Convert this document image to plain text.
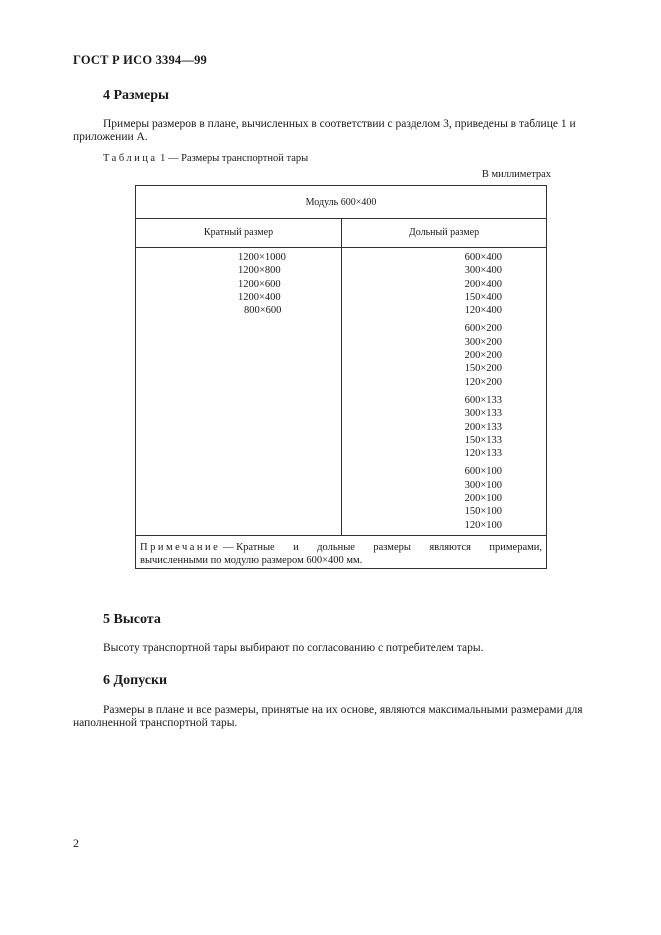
ГОСТ Р ИСО 3394—99
4 Размеры
Примеры размеров в плане, вычисленных в соответствии с разделом 3, приведены в таблице 1 и приложении А.
Таблица 1 — Размеры транспортной тары
В миллиметрах
Модуль 600×400
Кратный размер	Дольный размер
1200×1000
1200×800
1200×600
1200×400
800×600
600×400
300×400
200×400
150×400
120×400
600×200
300×200
200×200
150×200
120×200
600×133
300×133
200×133
150×133
120×133
600×100
300×100
200×100
150×100
120×100
Примечание — Кратные и дольные размеры являются примерами,
вычисленными по модулю размером 600×400 мм.
5 Высота
Высоту транспортной тары выбирают по согласованию с потребителем тары.
6 Допуски
Размеры в плане и все размеры, принятые на их основе, являются максимальными размерами для наполненной транспортной тары.
2
